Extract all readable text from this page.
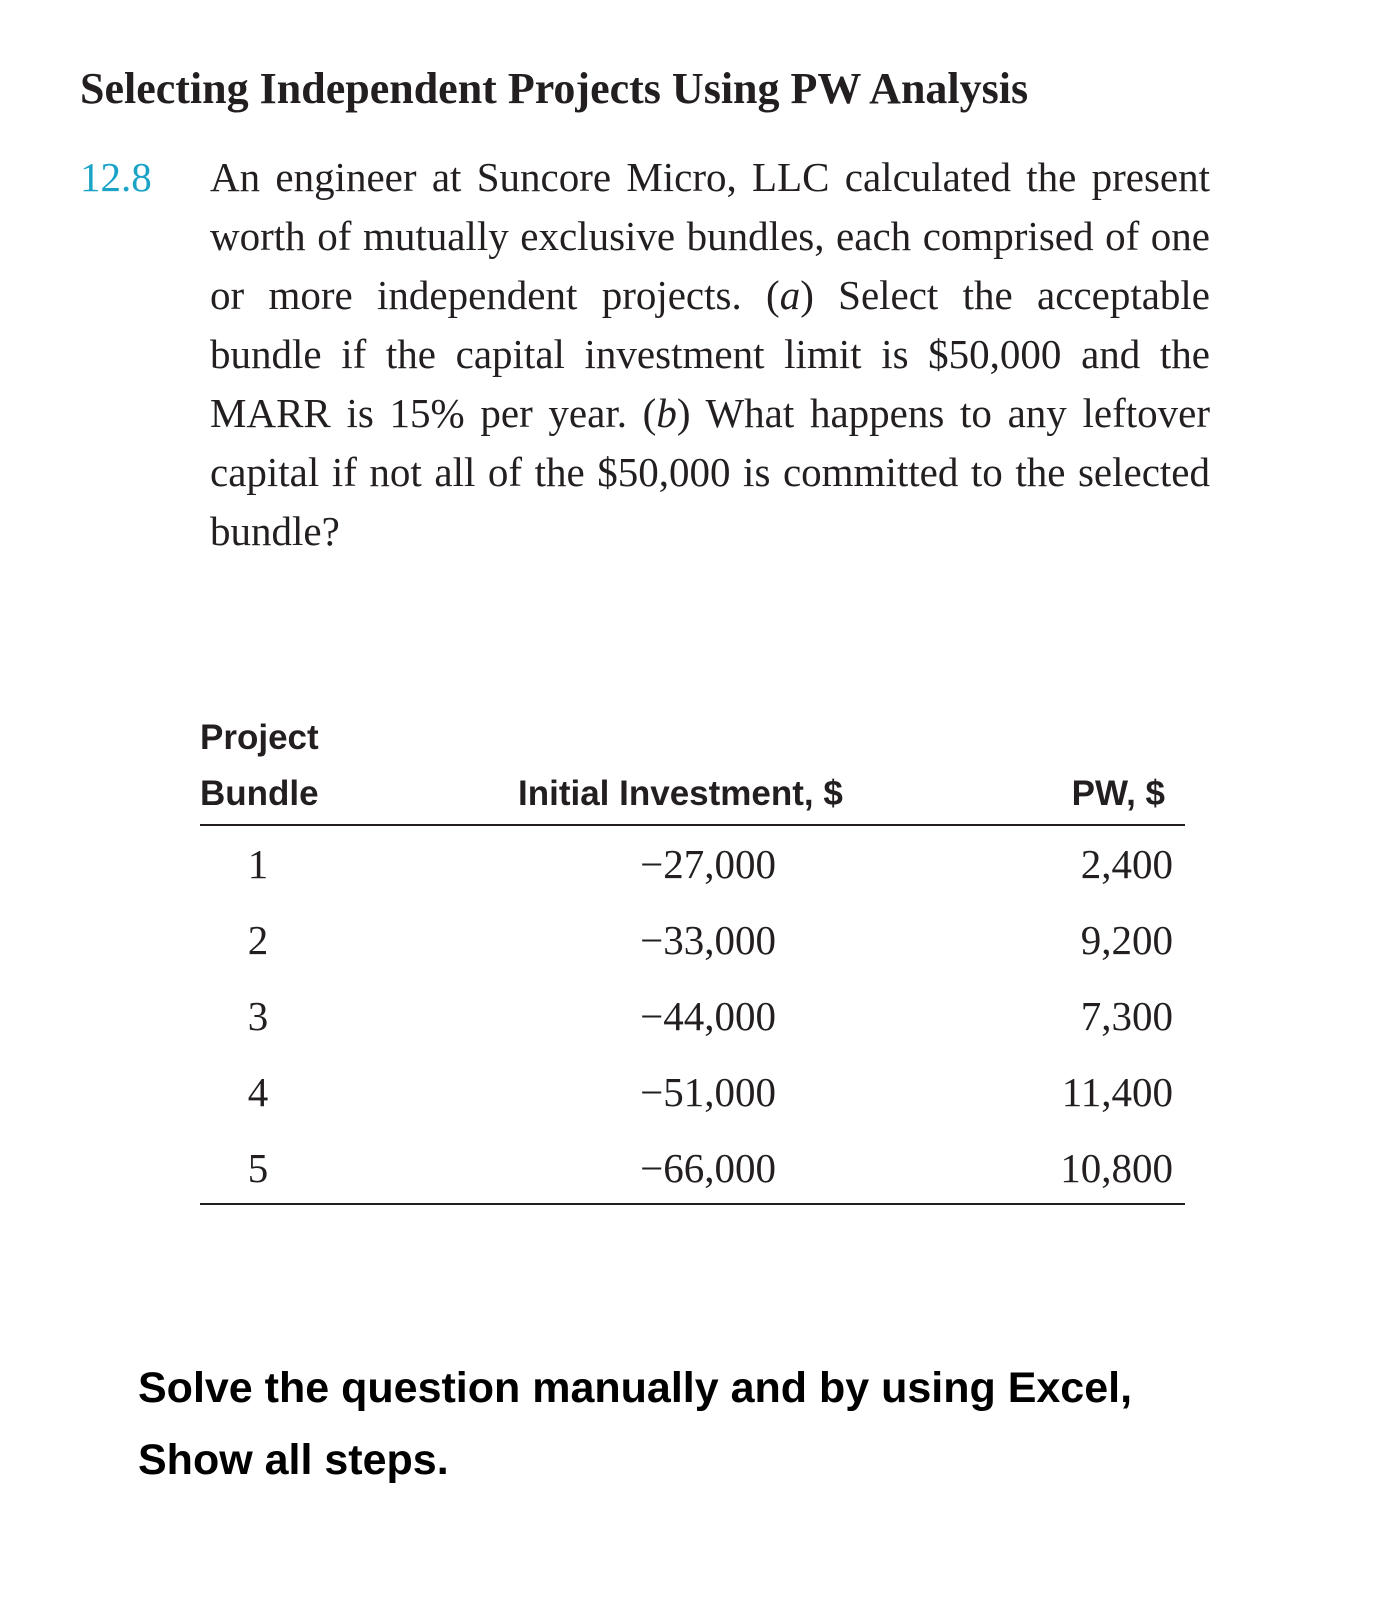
Selecting Independent Projects Using PW Analysis
12.8 An engineer at Suncore Micro, LLC calculated the present worth of mutually exclusive bundles, each comprised of one or more independent projects. (a) Select the acceptable bundle if the capital investment limit is $50,000 and the MARR is 15% per year. (b) What happens to any leftover capital if not all of the $50,000 is committed to the selected bundle?

Project
Bundle	Initial Investment, $	PW, $
1	−27,000	2,400
2	−33,000	9,200
3	−44,000	7,300
4	−51,000	11,400
5	−66,000	10,800
Solve the question manually and by using Excel,
Show all steps.
